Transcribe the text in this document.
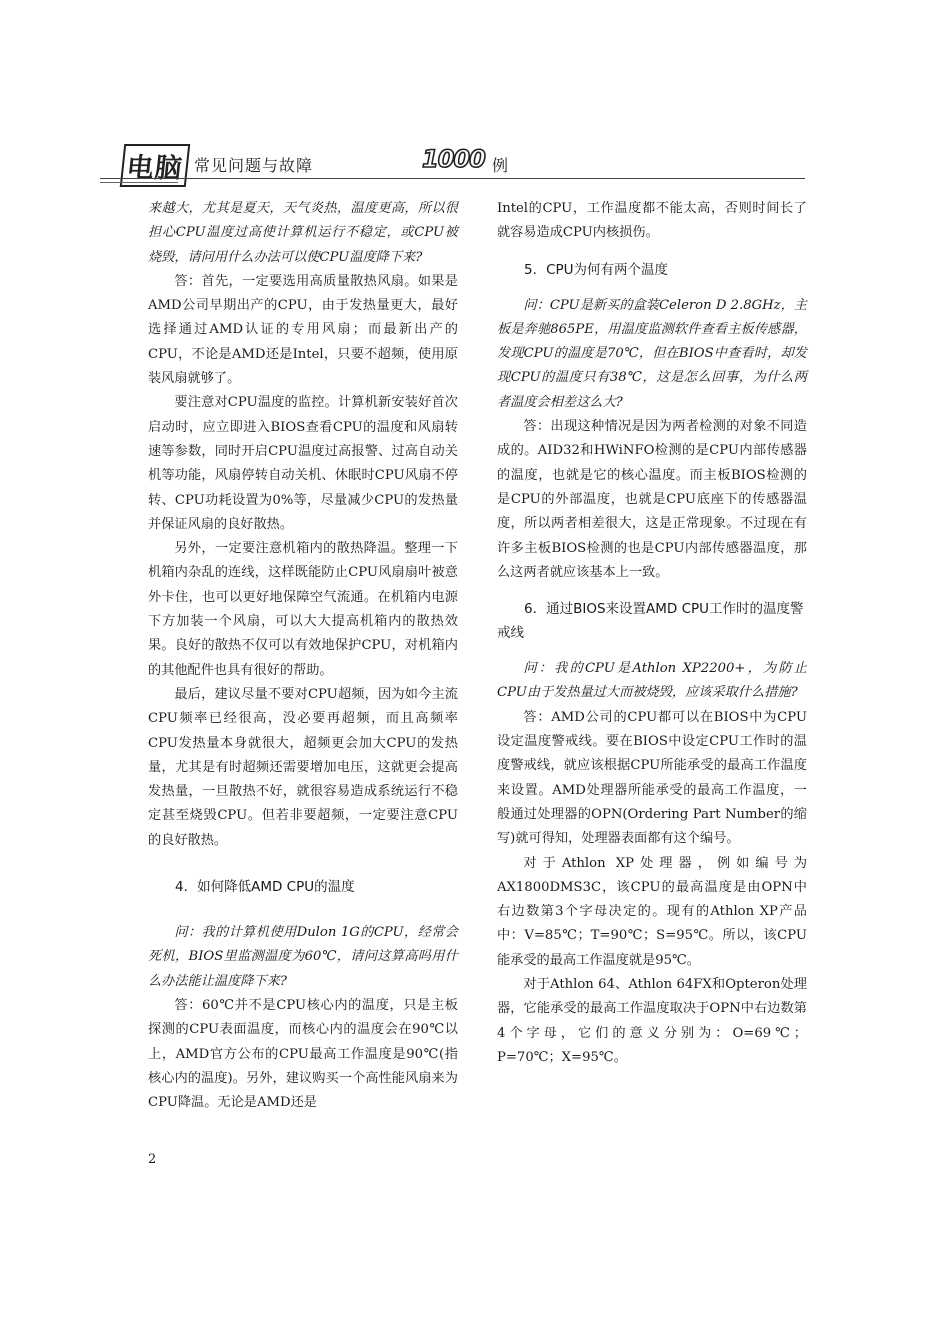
电脑 常见问题与故障	1000 例

来越大，尤其是夏天，天气炎热，温度更高，所以很担心CPU温度过高使计算机运行不稳定，或CPU被烧毁，请问用什么办法可以使CPU温度降下来?

答：首先，一定要选用高质量散热风扇。如果是AMD公司早期出产的CPU，由于发热量更大，最好选择通过AMD认证的专用风扇；而最新出产的CPU，不论是AMD还是Intel，只要不超频，使用原装风扇就够了。

要注意对CPU温度的监控。计算机新安装好首次启动时，应立即进入BIOS查看CPU的温度和风扇转速等参数，同时开启CPU温度过高报警、过高自动关机等功能，风扇停转自动关机、休眠时CPU风扇不停转、CPU功耗设置为0%等，尽量减少CPU的发热量并保证风扇的良好散热。

另外，一定要注意机箱内的散热降温。整理一下机箱内杂乱的连线，这样既能防止CPU风扇扇叶被意外卡住，也可以更好地保障空气流通。在机箱内电源下方加装一个风扇，可以大大提高机箱内的散热效果。良好的散热不仅可以有效地保护CPU，对机箱内的其他配件也具有很好的帮助。

最后，建议尽量不要对CPU超频，因为如今主流CPU频率已经很高，没必要再超频，而且高频率CPU发热量本身就很大，超频更会加大CPU的发热量，尤其是有时超频还需要增加电压，这就更会提高发热量，一旦散热不好，就很容易造成系统运行不稳定甚至烧毁CPU。但若非要超频，一定要注意CPU的良好散热。

4．如何降低AMD CPU的温度

问：我的计算机使用Dulon 1G的CPU，经常会死机，BIOS里监测温度为60℃，请问这算高吗用什么办法能让温度降下来?

答：60℃并不是CPU核心内的温度，只是主板探测的CPU表面温度，而核心内的温度会在90℃以上，AMD官方公布的CPU最高工作温度是90℃(指核心内的温度)。另外，建议购买一个高性能风扇来为CPU降温。无论是AMD还是

Intel的CPU，工作温度都不能太高，否则时间长了就容易造成CPU内核损伤。

5．CPU为何有两个温度

问：CPU是新买的盒装Celeron D 2.8GHz，主板是奔驰865PE，用温度监测软件查看主板传感器，发现CPU的温度是70℃，但在BIOS中查看时，却发现CPU的温度只有38℃，这是怎么回事，为什么两者温度会相差这么大?

答：出现这种情况是因为两者检测的对象不同造成的。AID32和HWiNFO检测的是CPU内部传感器的温度，也就是它的核心温度。而主板BIOS检测的是CPU的外部温度，也就是CPU底座下的传感器温度，所以两者相差很大，这是正常现象。不过现在有许多主板BIOS检测的也是CPU内部传感器温度，那么这两者就应该基本上一致。

6．通过BIOS来设置AMD CPU工作时的温度警戒线

问：我的CPU是Athlon XP2200+，为防止CPU由于发热量过大而被烧毁，应该采取什么措施?

答：AMD公司的CPU都可以在BIOS中为CPU设定温度警戒线。要在BIOS中设定CPU工作时的温度警戒线，就应该根据CPU所能承受的最高工作温度来设置。AMD处理器所能承受的最高工作温度，一般通过处理器的OPN(Ordering Part Number的缩写)就可得知，处理器表面都有这个编号。

对于Athlon XP处理器，例如编号为AX1800DMS3C，该CPU的最高温度是由OPN中右边数第3个字母决定的。现有的Athlon XP产品中：V=85℃；T=90℃；S=95℃。所以，该CPU能承受的最高工作温度就是95℃。

对于Athlon 64、Athlon 64FX和Opteron处理器，它能承受的最高工作温度取决于OPN中右边数第4个字母，它们的意义分别为：O=69℃；P=70℃；X=95℃。

2
